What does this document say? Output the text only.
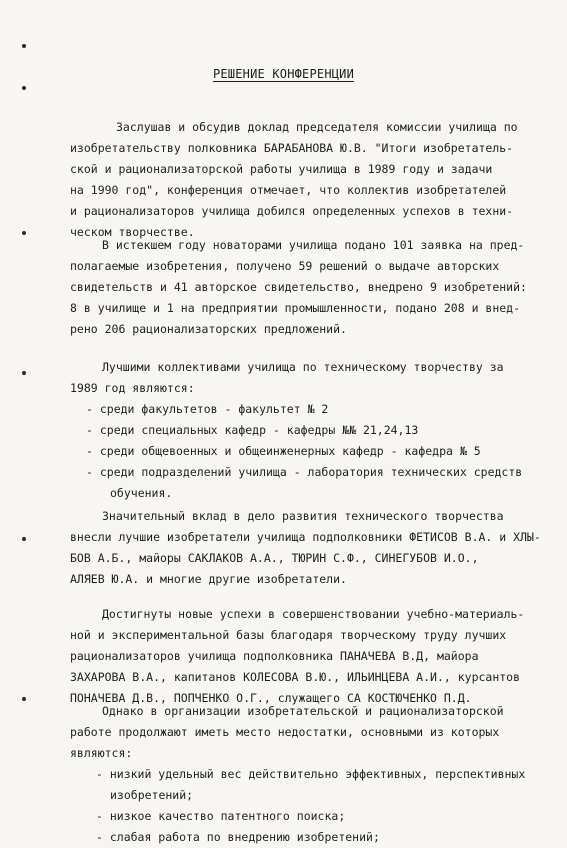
РЕШЕНИЕ КОНФЕРЕНЦИИ
Заслушав и обсудив доклад председателя комиссии училища по
изобретательству полковника БАРАБАНОВА Ю.В. "Итоги изобретатель-
ской и рационализаторской работы училища в 1989 году и задачи
на 1990 год", конференция отмечает, что коллектив изобретателей
и рационализаторов училища добился определенных успехов в техни-
ческом творчестве.
В истекшем году новаторами училища подано 101 заявка на пред-
полагаемые изобретения, получено 59 решений о выдаче авторских
свидетельств и 41 авторское свидетельство, внедрено 9 изобретений:
8 в училище и 1 на предприятии промышленности, подано 208 и внед-
рено 206 рационализаторских предложений.
Лучшими коллективами училища по техническому творчеству за
1989 год являются:
- среди факультетов - факультет № 2
- среди специальных кафедр - кафедры №№ 21,24,13
- среди общевоенных и общеинженерных кафедр - кафедра № 5
- среди подразделений училища - лаборатория технических средств
обучения.
Значительный вклад в дело развития технического творчества
внесли лучшие изобретатели училища подполковники ФЕТИСОВ В.А. и ХЛЫ-
БОВ А.Б., майоры САКЛАКОВ А.А., ТЮРИН С.Ф., СИНЕГУБОВ И.О.,
АЛЯЕВ Ю.А. и многие другие изобретатели.
Достигнуты новые успехи в совершенствовании учебно-материаль-
ной и экспериментальной базы благодаря творческому труду лучших
рационализаторов училища подполковника ПАНАЧЕВА В.Д, майора
ЗАХАРОВА В.А., капитанов КОЛЕСОВА В.Ю., ИЛЬИНЦЕВА А.И., курсантов
ПОНАЧЕВА Д.В., ПОПЧЕНКО О.Г., служащего СА КОСТЮЧЕНКО П.Д.
Однако в организации изобретательской и рационализаторской
работе продолжают иметь место недостатки, основными из которых
являются:
- низкий удельный вес действительно эффективных, перспективных
изобретений;
- низкое качество патентного поиска;
- слабая работа по внедрению изобретений;
